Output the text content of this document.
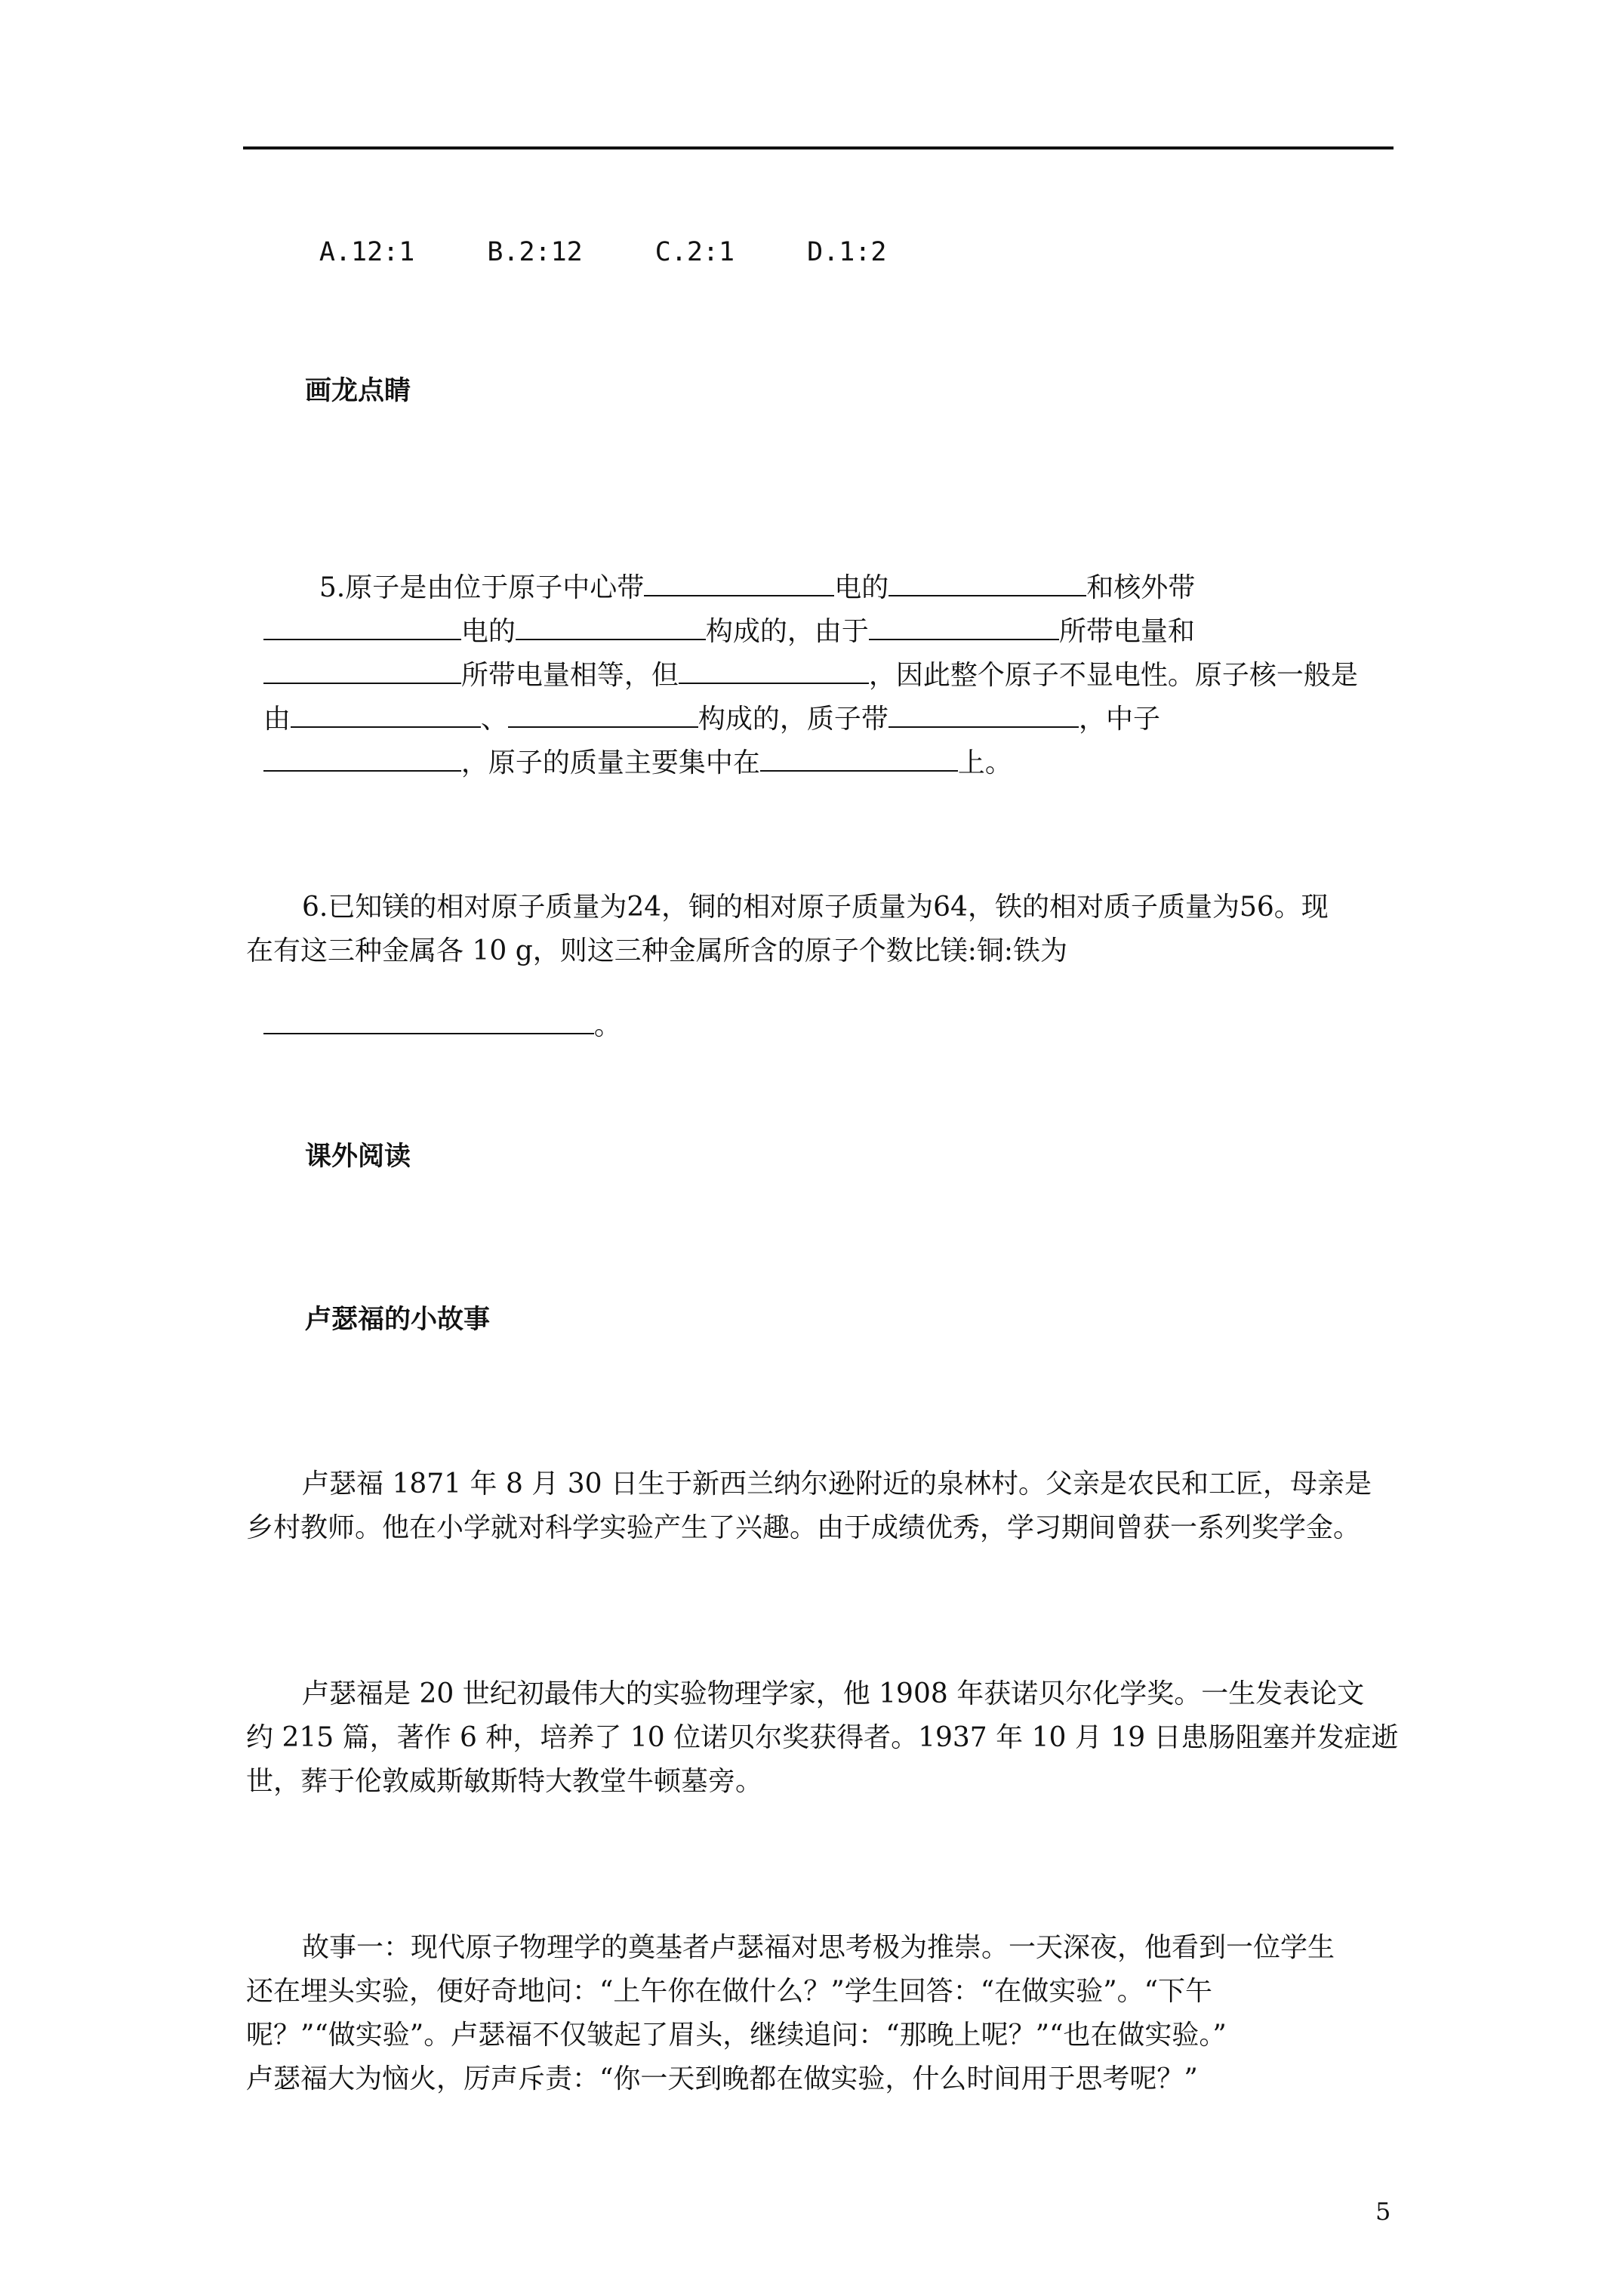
A.12:1	B.2:12	C.2:1	D.1:2

画龙点睛

5.原子是由位于原子中心带	电的	和核外带

电的	构成的，由于	所带电量和

所带电量相等，但	，因此整个原子不显电性。原子核一般是

由	、	构成的，质子带	，中子

，原子的质量主要集中在	上。

6.已知镁的相对原子质量为24，铜的相对原子质量为64，铁的相对质子质量为56。现
在有这三种金属各 10 g，则这三种金属所含的原子个数比镁:铜:铁为

。

课外阅读
卢瑟福的小故事
卢瑟福 1871 年 8 月 30 日生于新西兰纳尔逊附近的泉林村。父亲是农民和工匠，母亲是
乡村教师。他在小学就对科学实验产生了兴趣。由于成绩优秀，学习期间曾获一系列奖学金。
卢瑟福是 20 世纪初最伟大的实验物理学家，他 1908 年获诺贝尔化学奖。一生发表论文
约 215 篇，著作 6 种，培养了 10 位诺贝尔奖获得者。1937 年 10 月 19 日患肠阻塞并发症逝
世，葬于伦敦威斯敏斯特大教堂牛顿墓旁。
故事一：现代原子物理学的奠基者卢瑟福对思考极为推崇。一天深夜，他看到一位学生
还在埋头实验，便好奇地问：“上午你在做什么？”学生回答：“在做实验”。“下午
呢？”“做实验”。卢瑟福不仅皱起了眉头，继续追问：“那晚上呢？”“也在做实验。”
卢瑟福大为恼火，厉声斥责：“你一天到晚都在做实验，什么时间用于思考呢？”
5
